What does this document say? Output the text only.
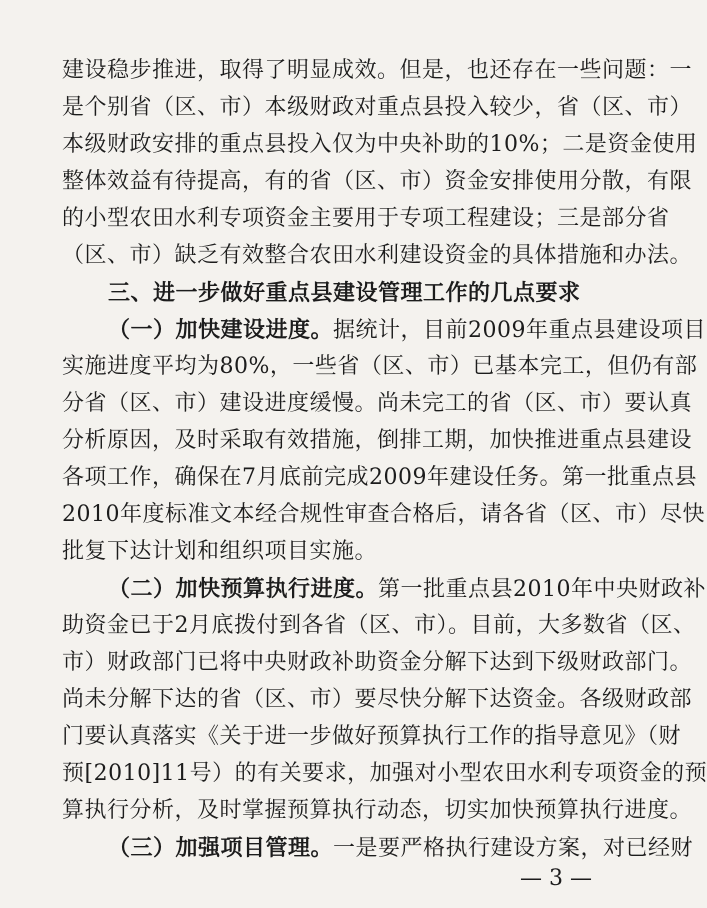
建设稳步推进，取得了明显成效。但是，也还存在一些问题：一
是个别省（区、市）本级财政对重点县投入较少，省（区、市）
本级财政安排的重点县投入仅为中央补助的10%；二是资金使用
整体效益有待提高，有的省（区、市）资金安排使用分散，有限
的小型农田水利专项资金主要用于专项工程建设；三是部分省
（区、市）缺乏有效整合农田水利建设资金的具体措施和办法。
三、进一步做好重点县建设管理工作的几点要求
（一）加快建设进度。据统计，目前2009年重点县建设项目
实施进度平均为80%，一些省（区、市）已基本完工，但仍有部
分省（区、市）建设进度缓慢。尚未完工的省（区、市）要认真
分析原因，及时采取有效措施，倒排工期，加快推进重点县建设
各项工作，确保在7月底前完成2009年建设任务。第一批重点县
2010年度标准文本经合规性审查合格后，请各省（区、市）尽快
批复下达计划和组织项目实施。
（二）加快预算执行进度。第一批重点县2010年中央财政补
助资金已于2月底拨付到各省（区、市）。目前，大多数省（区、
市）财政部门已将中央财政补助资金分解下达到下级财政部门。
尚未分解下达的省（区、市）要尽快分解下达资金。各级财政部
门要认真落实《关于进一步做好预算执行工作的指导意见》（财
预[2010]11号）的有关要求，加强对小型农田水利专项资金的预
算执行分析，及时掌握预算执行动态，切实加快预算执行进度。
（三）加强项目管理。一是要严格执行建设方案，对已经财
— 3 —
